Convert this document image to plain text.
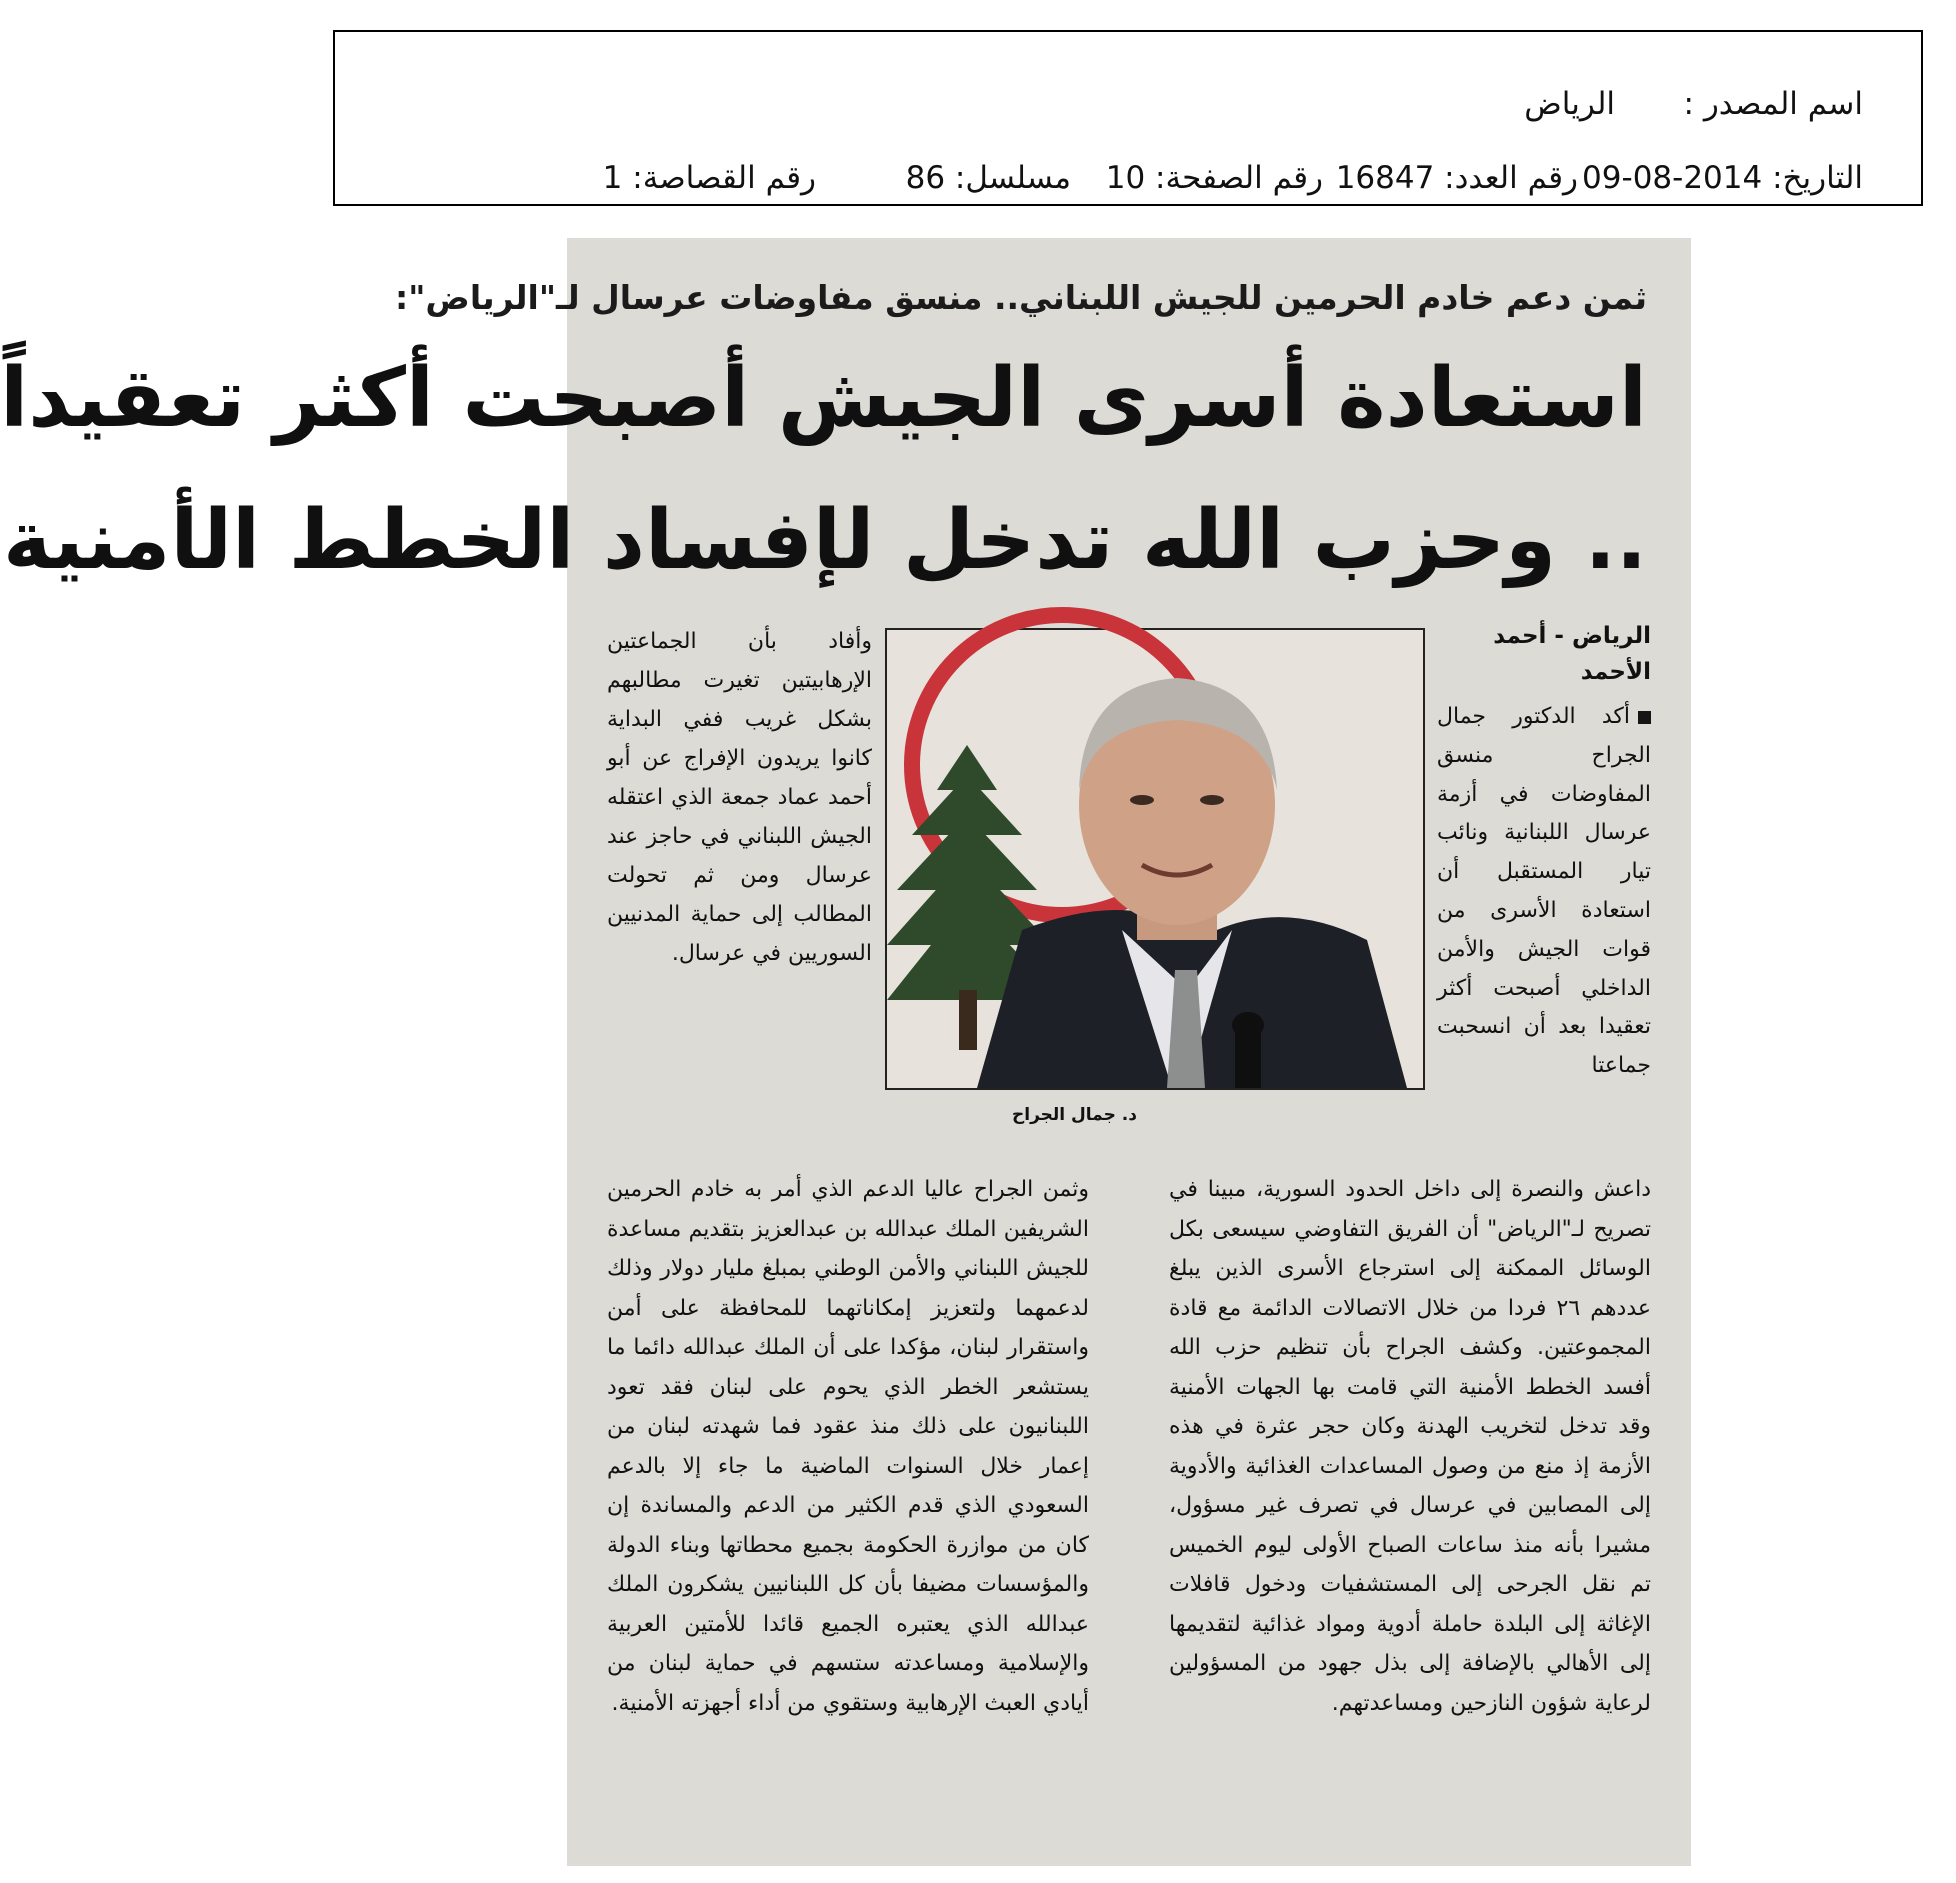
اسم المصدر :
الرياض
التاريخ: 2014-08-09
رقم العدد: 16847
رقم الصفحة: 10
مسلسل: 86
رقم القصاصة: 1
ثمن دعم خادم الحرمين للجيش اللبناني.. منسق مفاوضات عرسال لـ"الرياض":
استعادة أسرى الجيش أصبحت أكثر تعقيداً
.. وحزب الله تدخل لإفساد الخطط الأمنية
الرياض - أحمد الأحمد
أكد الدكتور جمال الجراح منسق المفاوضات في أزمة عرسال اللبنانية ونائب تيار المستقبل أن استعادة الأسرى من قوات الجيش والأمن الداخلي أصبحت أكثر تعقيدا بعد أن انسحبت جماعتا
د. جمال الجراح
وأفاد بأن الجماعتين الإرهابيتين تغيرت مطالبهم بشكل غريب ففي البداية كانوا يريدون الإفراج عن أبو أحمد عماد جمعة الذي اعتقله الجيش اللبناني في حاجز عند عرسال ومن ثم تحولت المطالب إلى حماية المدنيين السوريين في عرسال.
داعش والنصرة إلى داخل الحدود السورية، مبينا في تصريح لـ"الرياض" أن الفريق التفاوضي سيسعى بكل الوسائل الممكنة إلى استرجاع الأسرى الذين يبلغ عددهم ٢٦ فردا من خلال الاتصالات الدائمة مع قادة المجموعتين. وكشف الجراح بأن تنظيم حزب الله أفسد الخطط الأمنية التي قامت بها الجهات الأمنية وقد تدخل لتخريب الهدنة وكان حجر عثرة في هذه الأزمة إذ منع من وصول المساعدات الغذائية والأدوية إلى المصابين في عرسال في تصرف غير مسؤول، مشيرا بأنه منذ ساعات الصباح الأولى ليوم الخميس تم نقل الجرحى إلى المستشفيات ودخول قافلات الإغاثة إلى البلدة حاملة أدوية ومواد غذائية لتقديمها إلى الأهالي بالإضافة إلى بذل جهود من المسؤولين لرعاية شؤون النازحين ومساعدتهم.
وثمن الجراح عاليا الدعم الذي أمر به خادم الحرمين الشريفين الملك عبدالله بن عبدالعزيز بتقديم مساعدة للجيش اللبناني والأمن الوطني بمبلغ مليار دولار وذلك لدعمهما ولتعزيز إمكاناتهما للمحافظة على أمن واستقرار لبنان، مؤكدا على أن الملك عبدالله دائما ما يستشعر الخطر الذي يحوم على لبنان فقد تعود اللبنانيون على ذلك منذ عقود فما شهدته لبنان من إعمار خلال السنوات الماضية ما جاء إلا بالدعم السعودي الذي قدم الكثير من الدعم والمساندة إن كان من موازرة الحكومة بجميع محطاتها وبناء الدولة والمؤسسات مضيفا بأن كل اللبنانيين يشكرون الملك عبدالله الذي يعتبره الجميع قائدا للأمتين العربية والإسلامية ومساعدته ستسهم في حماية لبنان من أيادي العبث الإرهابية وستقوي من أداء أجهزته الأمنية.
